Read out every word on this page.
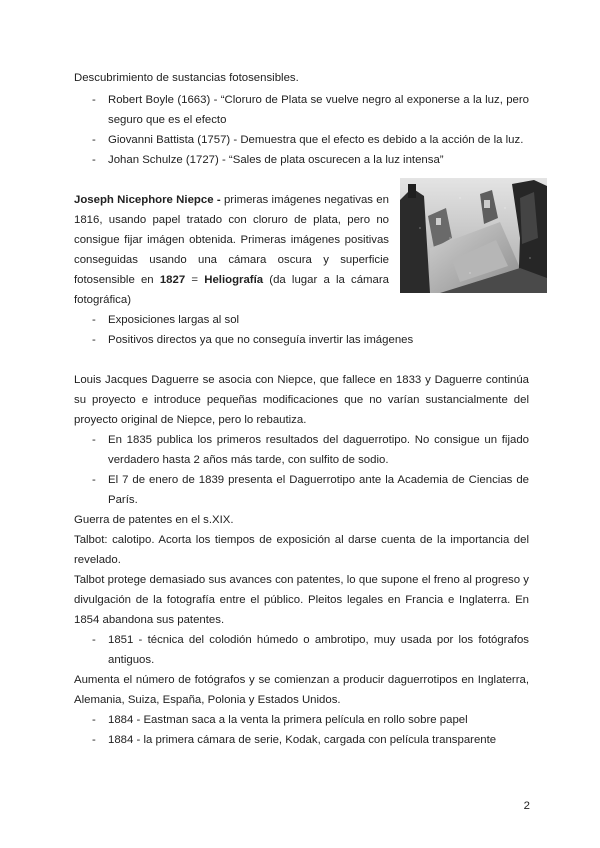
Descubrimiento de sustancias fotosensibles.

- Robert Boyle (1663) - “Cloruro de Plata se vuelve negro al exponerse a la luz, pero seguro que es el efecto
- Giovanni Battista (1757) - Demuestra que el efecto es debido a la acción de la luz.
- Johan Schulze (1727) - “Sales de plata oscurecen a la luz intensa”

Joseph Nicephore Niepce - primeras imágenes negativas en 1816, usando papel tratado con cloruro de plata, pero no consigue fijar imágen obtenida. Primeras imágenes positivas conseguidas usando una cámara oscura y superficie fotosensible en 1827 = Heliografía (da lugar a la cámara fotográfica)

- Exposiciones largas al sol
- Positivos directos ya que no conseguía invertir las imágenes

Louis Jacques Daguerre se asocia con Niepce, que fallece en 1833 y Daguerre continúa su proyecto e introduce pequeñas modificaciones que no varían sustancialmente del proyecto original de Niepce, pero lo rebautiza.

- En 1835 publica los primeros resultados del daguerrotipo. No consigue un fijado verdadero hasta 2 años más tarde, con sulfito de sodio.
- El 7 de enero de 1839 presenta el Daguerrotipo ante la Academia de Ciencias de París.

Guerra de patentes en el s.XIX.

Talbot: calotipo. Acorta los tiempos de exposición al darse cuenta de la importancia del revelado.

Talbot protege demasiado sus avances con patentes, lo que supone el freno al progreso y divulgación de la fotografía entre el público. Pleitos legales en Francia e Inglaterra. En 1854 abandona sus patentes.

- 1851 - técnica del colodión húmedo o ambrotipo, muy usada por los fotógrafos antiguos.

Aumenta el número de fotógrafos y se comienzan a producir daguerrotipos en Inglaterra, Alemania, Suiza, España, Polonia y Estados Unidos.

- 1884 - Eastman saca a la venta la primera película en rollo sobre papel
- 1884 - la primera cámara de serie, Kodak, cargada con película transparente
2
